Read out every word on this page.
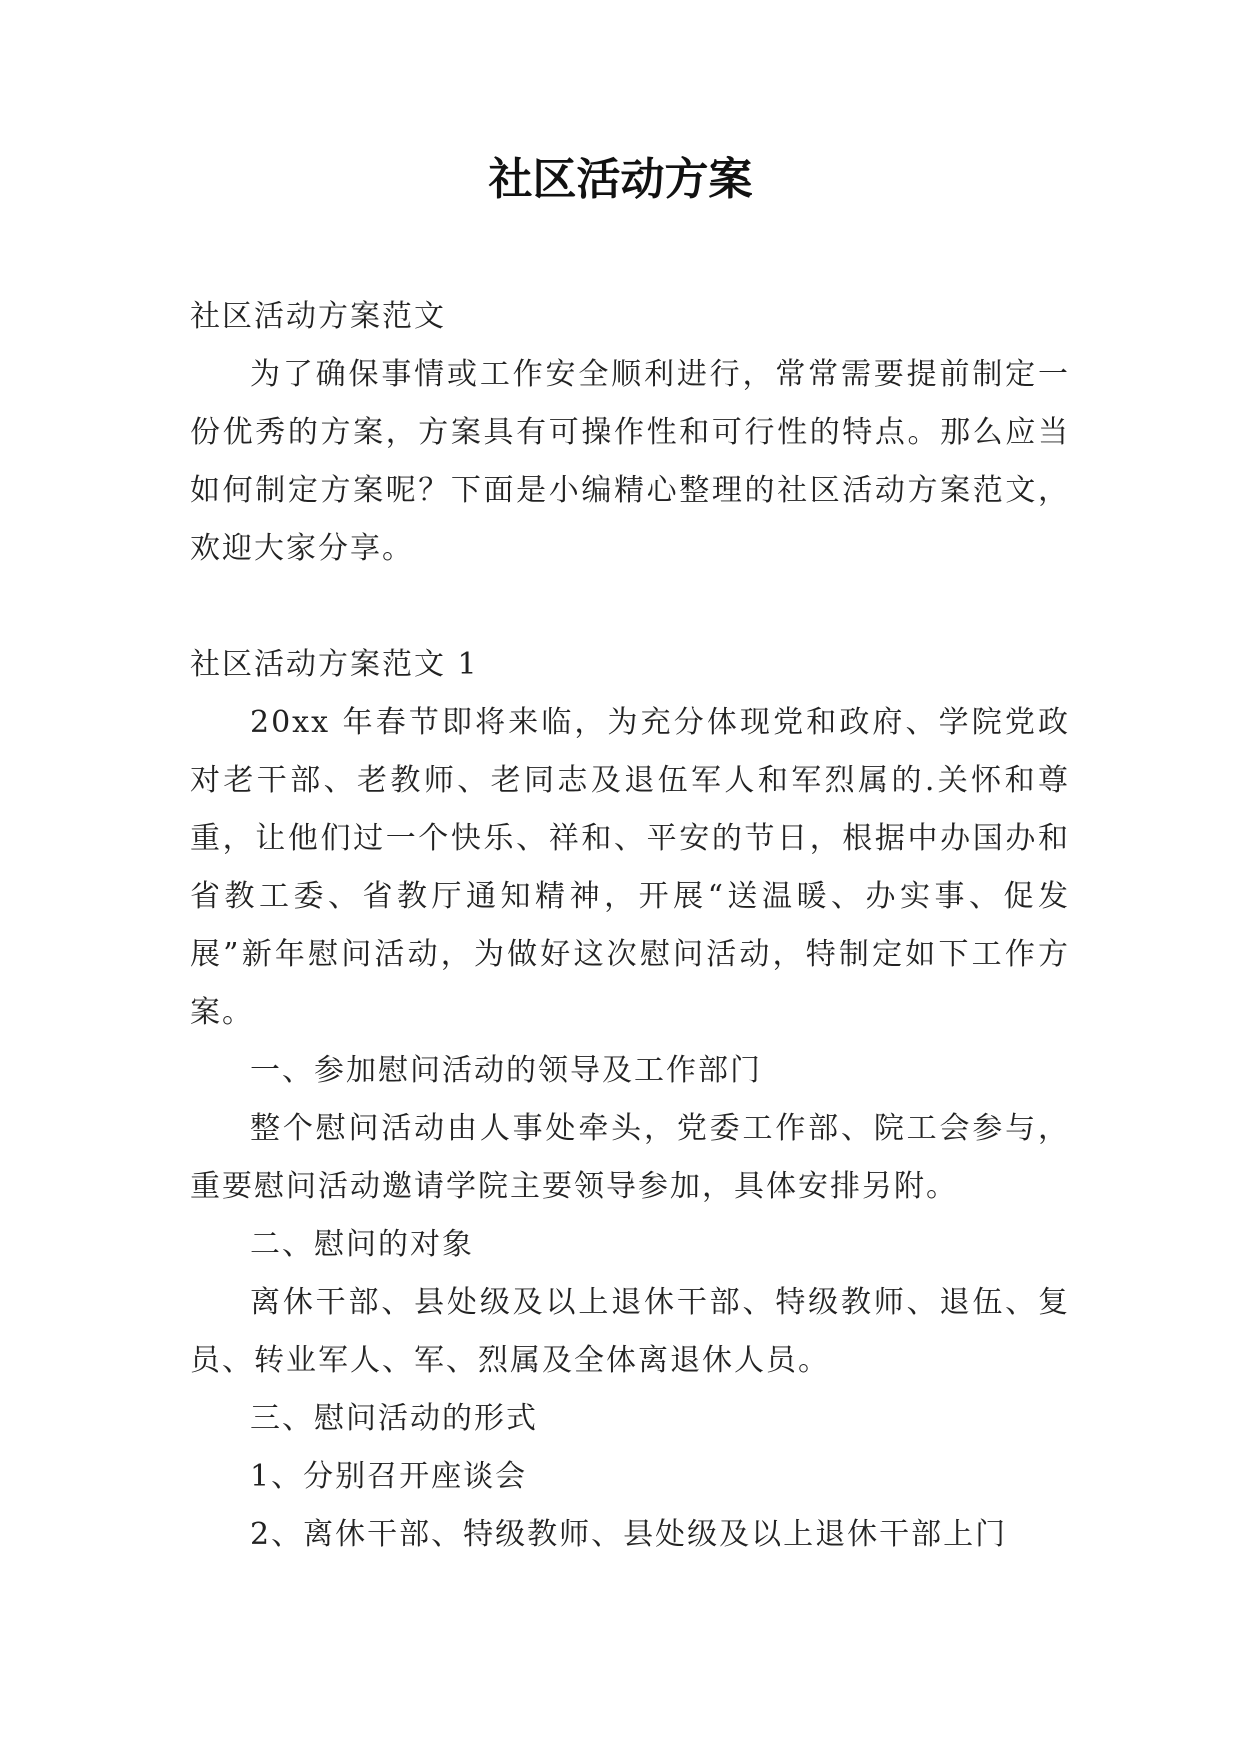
社区活动方案

社区活动方案范文

为了确保事情或工作安全顺利进行，常常需要提前制定一份优秀的方案，方案具有可操作性和可行性的特点。那么应当如何制定方案呢？下面是小编精心整理的社区活动方案范文，欢迎大家分享。

社区活动方案范文 1

20xx 年春节即将来临，为充分体现党和政府、学院党政对老干部、老教师、老同志及退伍军人和军烈属的.关怀和尊重，让他们过一个快乐、祥和、平安的节日，根据中办国办和省教工委、省教厅通知精神，开展“送温暖、办实事、促发展”新年慰问活动，为做好这次慰问活动，特制定如下工作方案。

一、参加慰问活动的领导及工作部门

整个慰问活动由人事处牵头，党委工作部、院工会参与，重要慰问活动邀请学院主要领导参加，具体安排另附。

二、慰问的对象

离休干部、县处级及以上退休干部、特级教师、退伍、复员、转业军人、军、烈属及全体离退休人员。

三、慰问活动的形式

1、分别召开座谈会

2、离休干部、特级教师、县处级及以上退休干部上门
